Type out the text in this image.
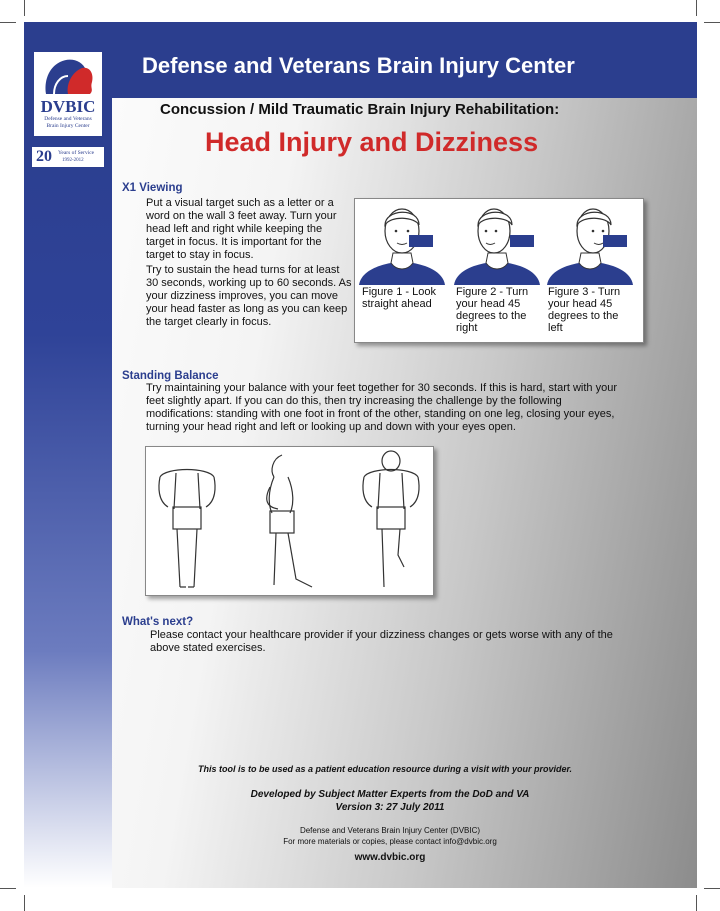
DVBIC
Defense and Veterans
Brain Injury Center
20 Years of Service
1992-2012
Defense and Veterans Brain Injury Center
Concussion / Mild Traumatic Brain Injury Rehabilitation:
Head Injury and Dizziness
X1 Viewing
Put a visual target such as a letter or a word on the wall 3 feet away. Turn your head left and right while keeping the target in focus. It is important for the target to stay in focus.
Try to sustain the head turns for at least 30 seconds, working up to 60 seconds. As your dizziness improves, you can move your head faster as long as you can keep the target clearly in focus.
Figure 1 - Look straight ahead
Figure 2 - Turn your head 45 degrees to the right
Figure 3 - Turn your head 45 degrees to the left
Standing Balance
Try maintaining your balance with your feet together for 30 seconds. If this is hard, start with your feet slightly apart. If you can do this, then try increasing the challenge by the following modifications: standing with one foot in front of the other, standing on one leg, closing your eyes, turning your head right and left or looking up and down with your eyes open.
What's next?
Please contact your healthcare provider if your dizziness changes or gets worse with any of the above stated exercises.
This tool is to be used as a patient education resource during a visit with your provider.
Developed by Subject Matter Experts from the DoD and VA
Version 3: 27 July 2011
Defense and Veterans Brain Injury Center (DVBIC)
For more materials or copies, please contact info@dvbic.org
www.dvbic.org
